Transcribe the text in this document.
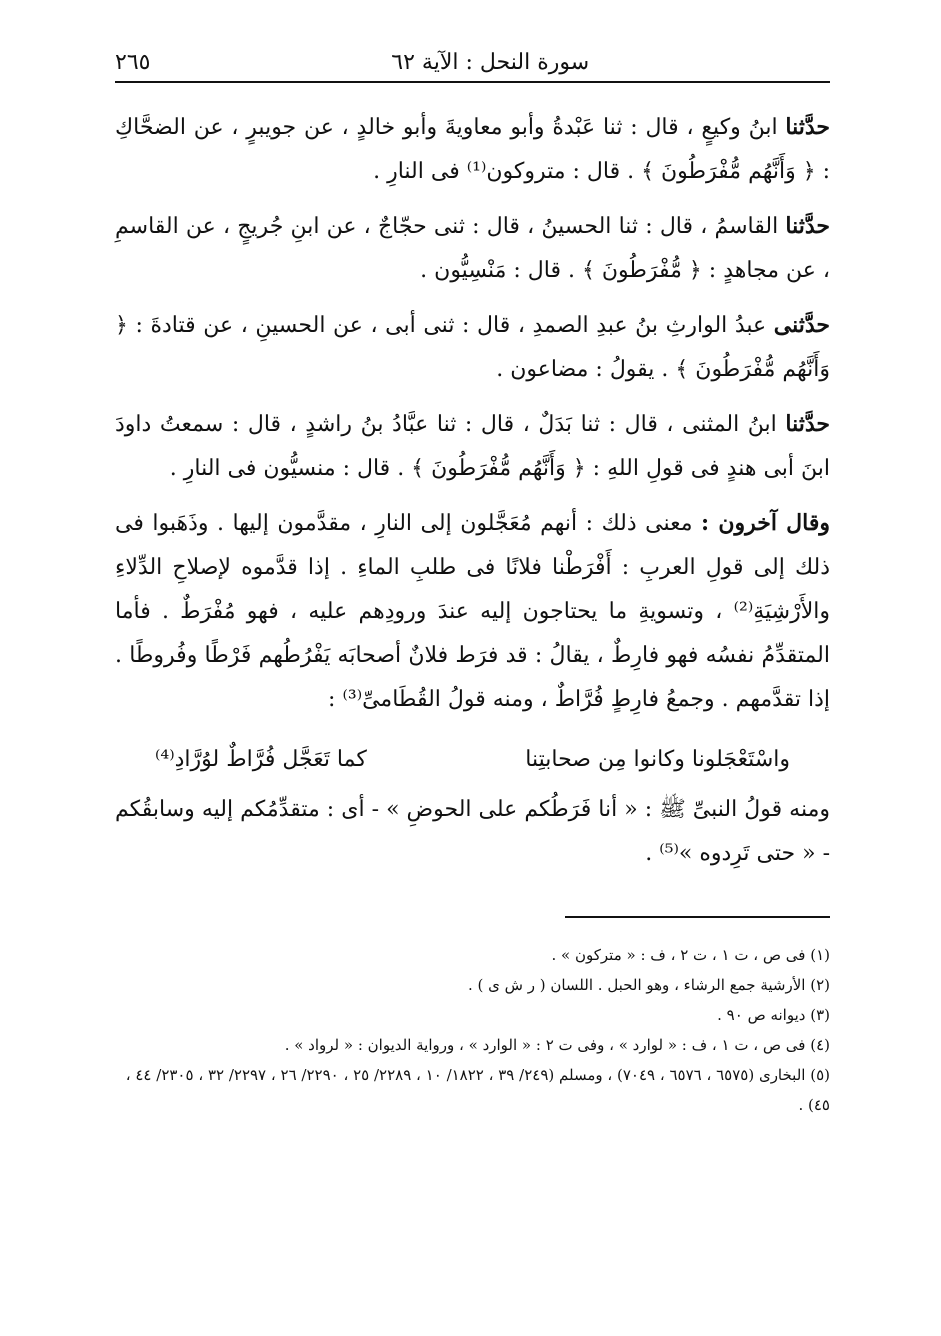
سورة النحل : الآية ٦٢
٢٦٥

حدَّثنا ابنُ وكيعٍ ، قال : ثنا عَبْدةُ وأبو معاويةَ وأبو خالدٍ ، عن جويبرٍ ، عن الضحَّاكِ : ﴿ وَأَنَّهُم مُّفْرَطُونَ ﴾ . قال : متروكون⁽¹⁾ فى النارِ .

حدَّثنا القاسمُ ، قال : ثنا الحسينُ ، قال : ثنى حجّاجٌ ، عن ابنِ جُريجٍ ، عن القاسمِ ، عن مجاهدٍ : ﴿ مُّفْرَطُونَ ﴾ . قال : مَنْسِيُّون .

حدَّثنى عبدُ الوارثِ بنُ عبدِ الصمدِ ، قال : ثنى أبى ، عن الحسينِ ، عن قتادةَ : ﴿ وَأَنَّهُم مُّفْرَطُونَ ﴾ . يقولُ : مضاعون .

حدَّثنا ابنُ المثنى ، قال : ثنا بَدَلٌ ، قال : ثنا عبَّادُ بنُ راشدٍ ، قال : سمعتُ داودَ ابنَ أبى هندٍ فى قولِ اللهِ : ﴿ وَأَنَّهُم مُّفْرَطُونَ ﴾ . قال : منسيُّون فى النارِ .

وقال آخرون : معنى ذلك : أنهم مُعَجَّلون إلى النارِ ، مقدَّمون إليها . وذَهَبوا فى ذلك إلى قولِ العربِ : أَفْرَطْنا فلانًا فى طلبِ الماءِ . إذا قدَّموه لإصلاحِ الدِّلاءِ والأَرْشِيَةِ⁽²⁾ ، وتسويةِ ما يحتاجون إليه عندَ ورودِهم عليه ، فهو مُفْرَطٌ . فأما المتقدِّمُ نفسُه فهو فارِطٌ ، يقالُ : قد فرَط فلانٌ أصحابَه يَفْرُطُهم فَرْطًا وفُروطًا . إذا تقدَّمهم . وجمعُ فارِطٍ فُرَّاطٌ ، ومنه قولُ القُطَامىِّ⁽³⁾ :

واسْتَعْجَلونا وكانوا مِن صحابتِنا
كما تَعَجَّل فُرَّاطٌ لوُرَّادِ⁽⁴⁾

ومنه قولُ النبىِّ ﷺ : « أنا فَرَطُكم على الحوضِ » - أى : متقدِّمُكم إليه وسابقُكم - « حتى تَرِدوه »⁽⁵⁾ .

(١) فى ص ، ت ١ ، ت ٢ ، ف : « متركون » .

(٢) الأرشية جمع الرشاء ، وهو الحبل . اللسان ( ر ش ى ) .

(٣) ديوانه ص ٩٠ .

(٤) فى ص ، ت ١ ، ف : « لوارد » ، وفى ت ٢ : « الوارد » ، ورواية الديوان : « لرواد » .

(٥) البخارى (٦٥٧٥ ، ٦٥٧٦ ، ٧٠٤٩) ، ومسلم (٢٤٩/ ٣٩ ، ١٨٢٢/ ١٠ ، ٢٢٨٩/ ٢٥ ، ٢٢٩٠/ ٢٦ ، ٢٢٩٧/ ٣٢ ، ٢٣٠٥/ ٤٤ ، ٤٥) .
